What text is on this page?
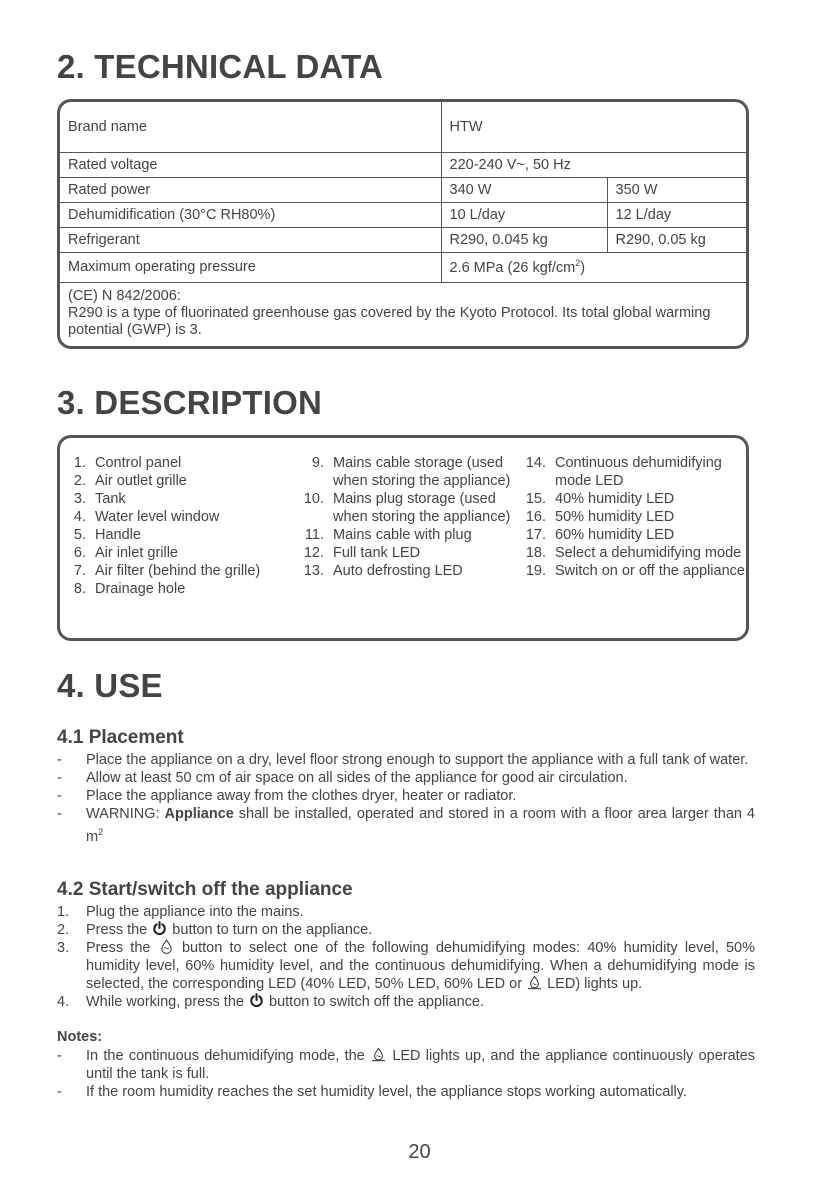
2. TECHNICAL DATA
Brand name	HTW	
Rated voltage	220-240 V~, 50 Hz	
Rated power	340 W	350 W
Dehumidification (30°C RH80%)	10 L/day	12 L/day
Refrigerant	R290, 0.045 kg	R290, 0.05 kg
Maximum operating pressure	2.6 MPa (26 kgf/$cm^2$)	

(CE) N 842/2006:
R290 is a type of fluorinated greenhouse gas covered by the Kyoto Protocol. Its total global warming potential (GWP) is 3.		
3. DESCRIPTION
1. Control panel
2. Air outlet grille
3. Tank
4. Water level window
5. Handle
6. Air inlet grille
7. Air filter (behind the grille)
8. Drainage hole
9. Mains cable storage (used when storing the appliance)
10. Mains plug storage (used when storing the appliance)
11. Mains cable with plug
12. Full tank LED
13. Auto defrosting LED
14. Continuous dehumidifying mode LED
15. 40% humidity LED
16. 50% humidity LED
17. 60% humidity LED
18. Select a dehumidifying mode
19. Switch on or off the appliance
4. USE
4.1 Placement
-	Place the appliance on a dry, level floor strong enough to support the appliance with a full tank of water.
-	Allow at least 50 cm of air space on all sides of the appliance for good air circulation.
-	Place the appliance away from the clothes dryer, heater or radiator.
-	WARNING: Appliance shall be installed, operated and stored in a room with a floor area larger than 4 $m^2$
4.2 Start/switch off the appliance
1.	Plug the appliance into the mains.
2.	Press the  button to turn on the appliance.
3.	Press the  button to select one of the following dehumidifying modes: 40% humidity level, 50% humidity level, 60% humidity level, and the continuous dehumidifying. When a dehumidifying mode is selected, the corresponding LED (40% LED, 50% LED, 60% LED or  LED) lights up.
4.	While working, press the  button to switch off the appliance.
Notes:
-	In the continuous dehumidifying mode, the  LED lights up, and the appliance continuously operates until the tank is full.
-	If the room humidity reaches the set humidity level, the appliance stops working automatically.
20
